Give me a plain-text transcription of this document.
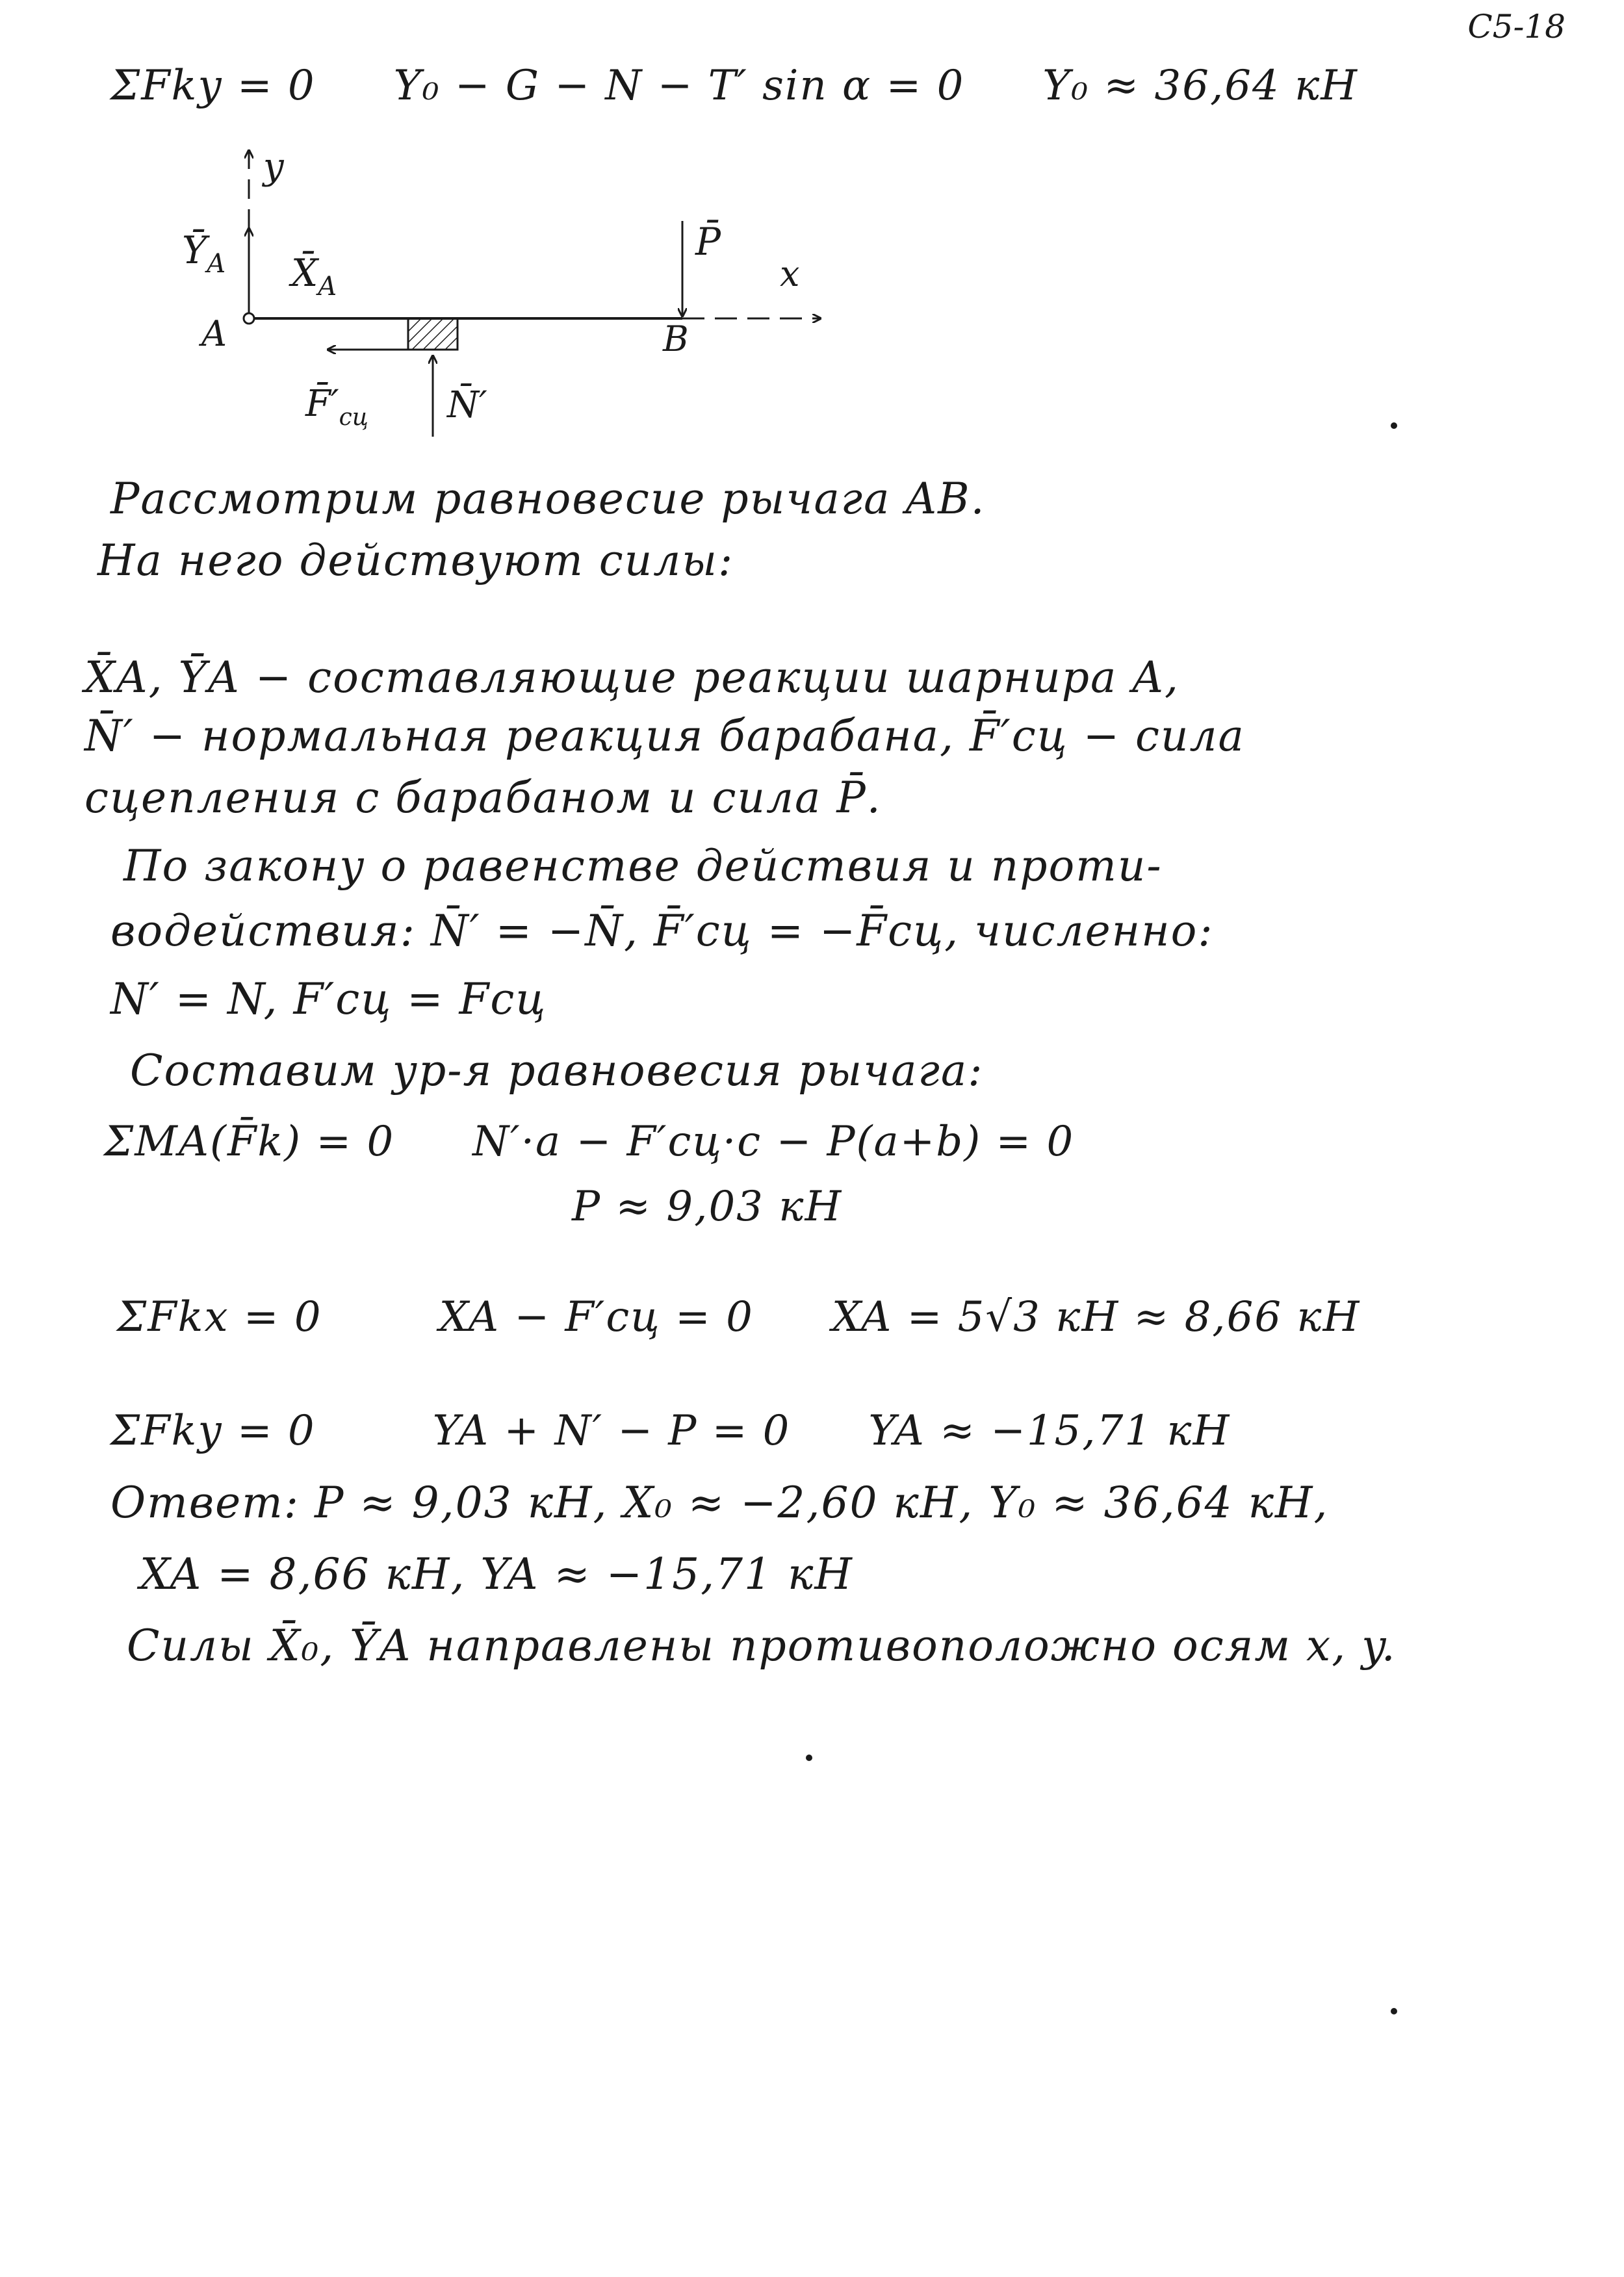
С5-18
ΣFky = 0 Y₀ − G − N − T′ sin α = 0 Y₀ ≈ 36,64 кН
y
$Ȳ_A$ $X̄_A$
A
$F̄'_{сц}$ N̄′
P̄
x
B
Рассмотрим равновесие рычага AB.
На него действуют силы:
X̄A, ȲA − составляющие реакции шарнира A,
N̄′ − нормальная реакция барабана, F̄′сц − сила
сцепления с барабаном и сила P̄.
По закону о равенстве действия и проти-
водействия: N̄′ = −N̄, F̄′сц = −F̄сц, численно:
N′ = N, F′сц = Fсц
Составим ур-я равновесия рычага:
ΣMA(F̄k) = 0 N′·a − F′сц·c − P(a+b) = 0
P ≈ 9,03 кН
ΣFkx = 0	XA − F′сц = 0 XA = 5√3 кН ≈ 8,66 кН
ΣFky = 0	YA + N′ − P = 0 YA ≈ −15,71 кН
Ответ: P ≈ 9,03 кН, X₀ ≈ −2,60 кН, Y₀ ≈ 36,64 кН,
XA = 8,66 кН, YA ≈ −15,71 кН
Силы X̄₀, ȲA направлены противоположно осям x, y.
